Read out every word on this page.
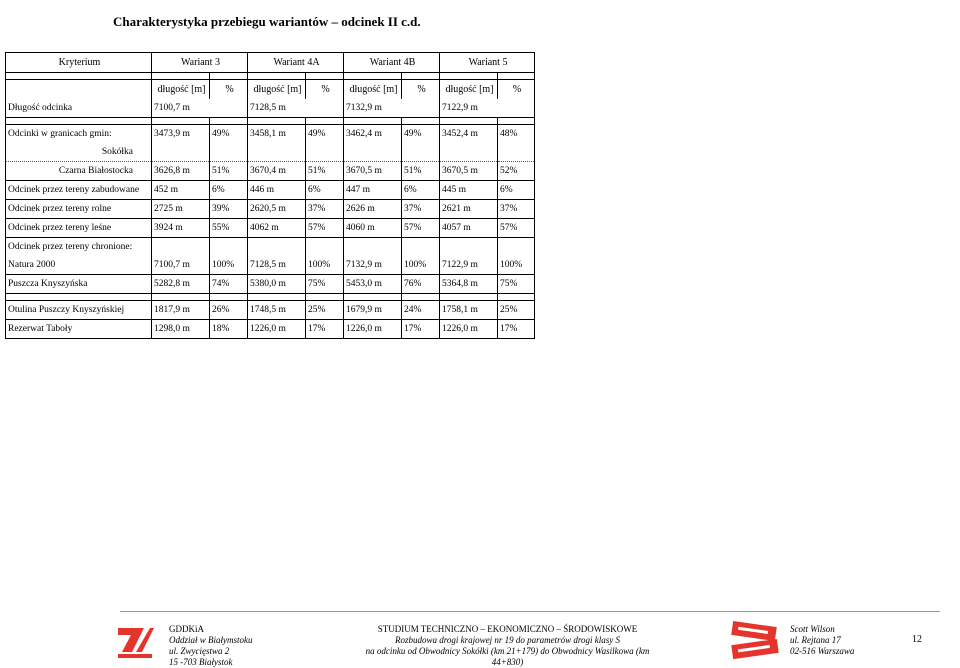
Charakterystyka przebiegu wariantów – odcinek II c.d.
Kryterium	Wariant 3		Wariant 4A		Wariant 4B		Wariant 5	

	długość [m]	%	długość [m]	%	długość [m]	%	długość [m]	%
Długość odcinka	7100,7 m		7128,5 m		7132,9 m		7122,9 m	

Odcinki w granicach gmin:	3473,9 m	49%	3458,1 m	49%	3462,4 m	49%	3452,4 m	48%
Sokółka								
Czarna Białostocka	3626,8 m	51%	3670,4 m	51%	3670,5 m	51%	3670,5 m	52%
Odcinek przez tereny zabudowane	452 m	6%	446 m	6%	447 m	6%	445 m	6%
Odcinek przez tereny rolne	2725 m	39%	2620,5 m	37%	2626 m	37%	2621 m	37%
Odcinek przez tereny leśne	3924 m	55%	4062 m	57%	4060 m	57%	4057 m	57%
Odcinek przez tereny chronione:								
Natura 2000	7100,7 m	100%	7128,5 m	100%	7132,9 m	100%	7122,9 m	100%
Puszcza Knyszyńska	5282,8 m	74%	5380,0 m	75%	5453,0 m	76%	5364,8 m	75%

Otulina Puszczy Knyszyńskiej	1817,9 m	26%	1748,5 m	25%	1679,9 m	24%	1758,1 m	25%
Rezerwat Taboły	1298,0 m	18%	1226,0 m	17%	1226,0 m	17%	1226,0 m	17%
GDDKiA
Oddział w Białymstoku
ul. Zwycięstwa 2
15 -703 Białystok
STUDIUM TECHNICZNO – EKONOMICZNO – ŚRODOWISKOWE
Rozbudowa drogi krajowej nr 19 do parametrów drogi klasy S
na odcinku od Obwodnicy Sokółki (km 21+179) do Obwodnicy Wasilkowa (km 44+830)
Scott Wilson
ul. Rejtana 17
02-516 Warszawa
12
